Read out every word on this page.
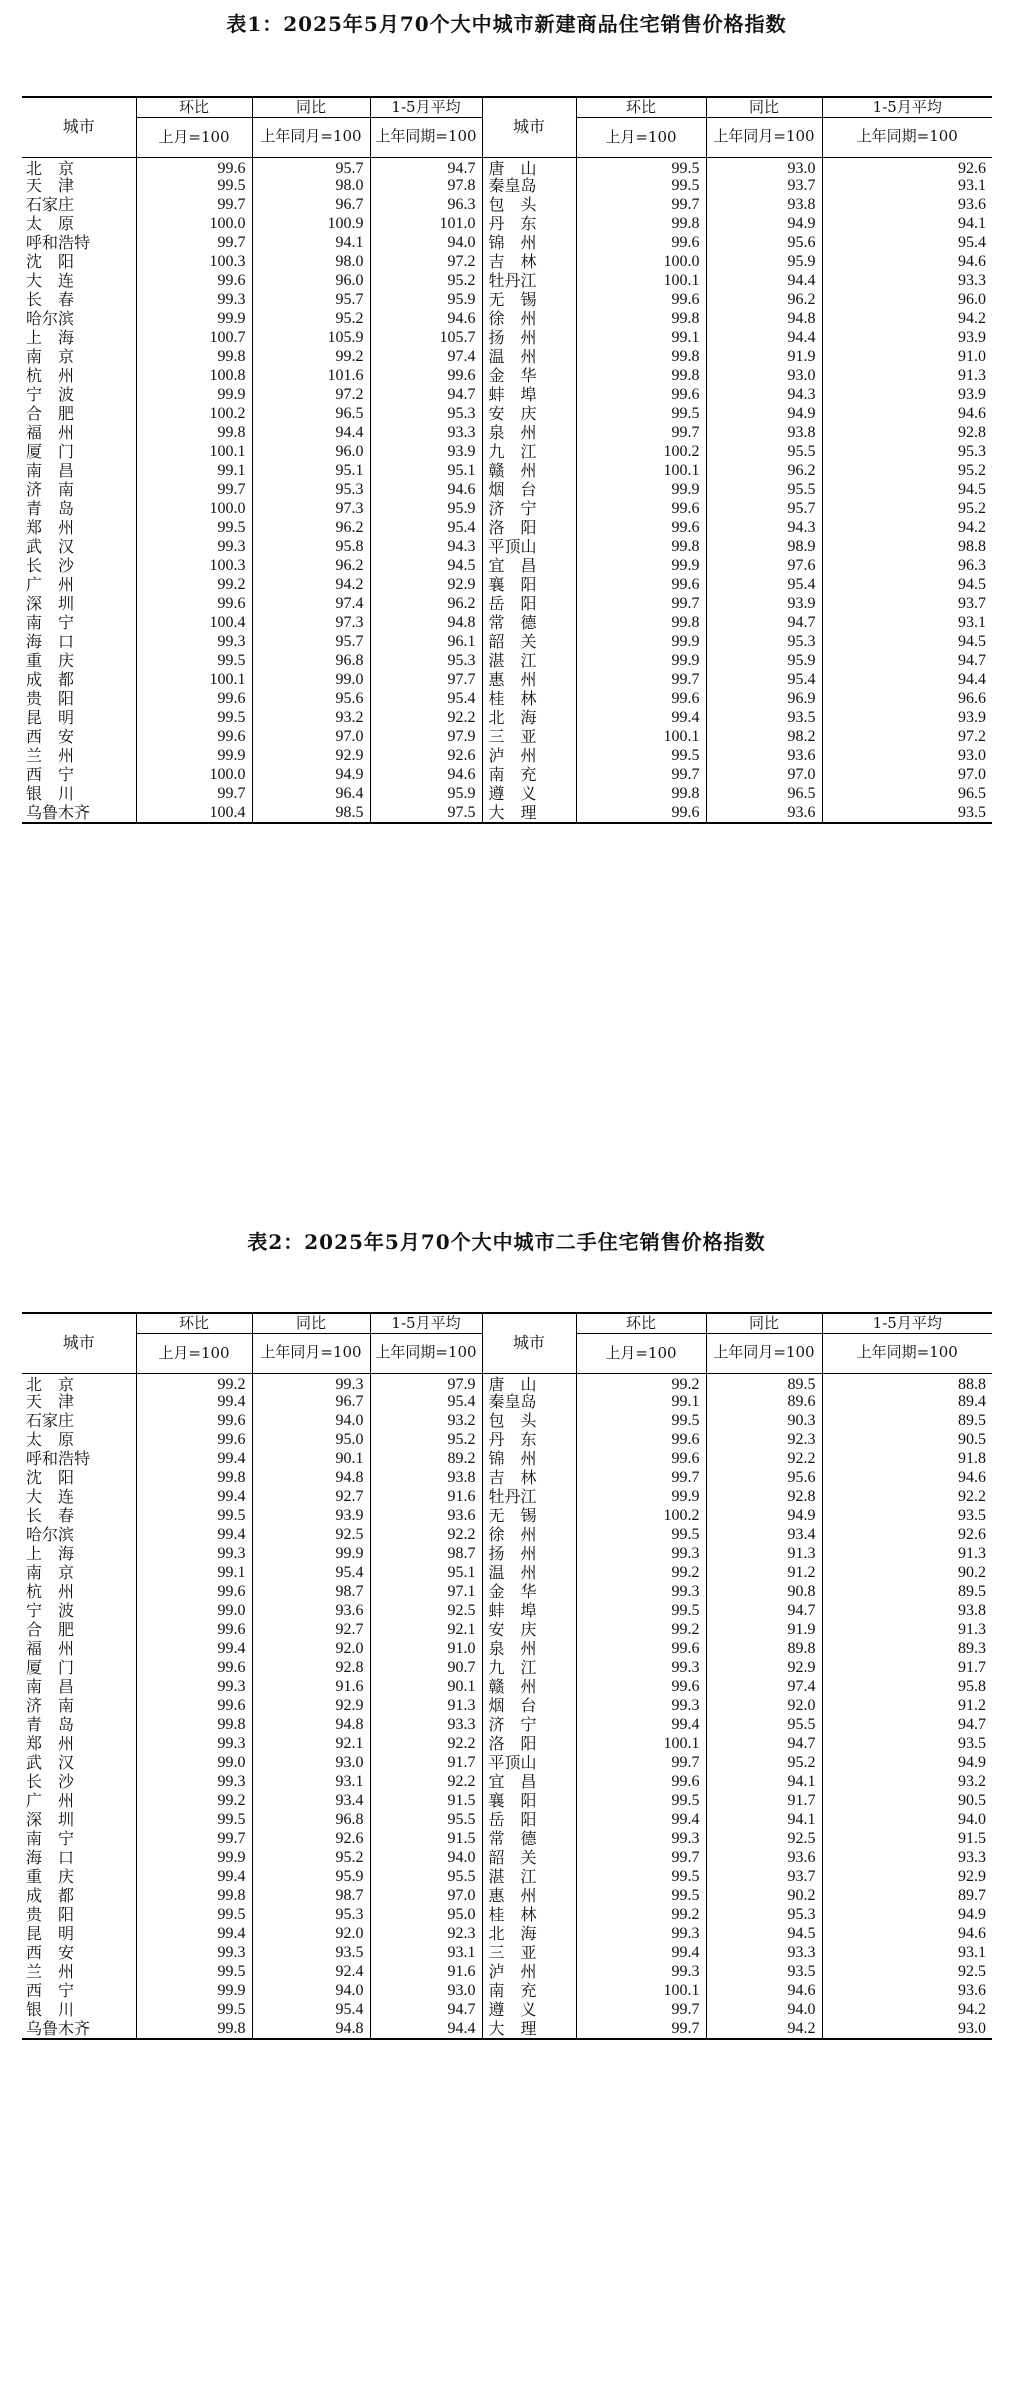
表1：2025年5月70个大中城市新建商品住宅销售价格指数
城市	环比	同比	1-5月平均	城市	环比	同比	1-5月平均
	上月=100	上年同月=100	上年同期=100		上月=100	上年同月=100	上年同期=100
北　京	99.6	95.7	94.7	唐　山	99.5	93.0	92.6
天　津	99.5	98.0	97.8	秦皇岛	99.5	93.7	93.1
石家庄	99.7	96.7	96.3	包　头	99.7	93.8	93.6
太　原	100.0	100.9	101.0	丹　东	99.8	94.9	94.1
呼和浩特	99.7	94.1	94.0	锦　州	99.6	95.6	95.4
沈　阳	100.3	98.0	97.2	吉　林	100.0	95.9	94.6
大　连	99.6	96.0	95.2	牡丹江	100.1	94.4	93.3
长　春	99.3	95.7	95.9	无　锡	99.6	96.2	96.0
哈尔滨	99.9	95.2	94.6	徐　州	99.8	94.8	94.2
上　海	100.7	105.9	105.7	扬　州	99.1	94.4	93.9
南　京	99.8	99.2	97.4	温　州	99.8	91.9	91.0
杭　州	100.8	101.6	99.6	金　华	99.8	93.0	91.3
宁　波	99.9	97.2	94.7	蚌　埠	99.6	94.3	93.9
合　肥	100.2	96.5	95.3	安　庆	99.5	94.9	94.6
福　州	99.8	94.4	93.3	泉　州	99.7	93.8	92.8
厦　门	100.1	96.0	93.9	九　江	100.2	95.5	95.3
南　昌	99.1	95.1	95.1	赣　州	100.1	96.2	95.2
济　南	99.7	95.3	94.6	烟　台	99.9	95.5	94.5
青　岛	100.0	97.3	95.9	济　宁	99.6	95.7	95.2
郑　州	99.5	96.2	95.4	洛　阳	99.6	94.3	94.2
武　汉	99.3	95.8	94.3	平顶山	99.8	98.9	98.8
长　沙	100.3	96.2	94.5	宜　昌	99.9	97.6	96.3
广　州	99.2	94.2	92.9	襄　阳	99.6	95.4	94.5
深　圳	99.6	97.4	96.2	岳　阳	99.7	93.9	93.7
南　宁	100.4	97.3	94.8	常　德	99.8	94.7	93.1
海　口	99.3	95.7	96.1	韶　关	99.9	95.3	94.5
重　庆	99.5	96.8	95.3	湛　江	99.9	95.9	94.7
成　都	100.1	99.0	97.7	惠　州	99.7	95.4	94.4
贵　阳	99.6	95.6	95.4	桂　林	99.6	96.9	96.6
昆　明	99.5	93.2	92.2	北　海	99.4	93.5	93.9
西　安	99.6	97.0	97.9	三　亚	100.1	98.2	97.2
兰　州	99.9	92.9	92.6	泸　州	99.5	93.6	93.0
西　宁	100.0	94.9	94.6	南　充	99.7	97.0	97.0
银　川	99.7	96.4	95.9	遵　义	99.8	96.5	96.5
乌鲁木齐	100.4	98.5	97.5	大　理	99.6	93.6	93.5
表2：2025年5月70个大中城市二手住宅销售价格指数
城市	环比	同比	1-5月平均	城市	环比	同比	1-5月平均
	上月=100	上年同月=100	上年同期=100		上月=100	上年同月=100	上年同期=100
北　京	99.2	99.3	97.9	唐　山	99.2	89.5	88.8
天　津	99.4	96.7	95.4	秦皇岛	99.1	89.6	89.4
石家庄	99.6	94.0	93.2	包　头	99.5	90.3	89.5
太　原	99.6	95.0	95.2	丹　东	99.6	92.3	90.5
呼和浩特	99.4	90.1	89.2	锦　州	99.6	92.2	91.8
沈　阳	99.8	94.8	93.8	吉　林	99.7	95.6	94.6
大　连	99.4	92.7	91.6	牡丹江	99.9	92.8	92.2
长　春	99.5	93.9	93.6	无　锡	100.2	94.9	93.5
哈尔滨	99.4	92.5	92.2	徐　州	99.5	93.4	92.6
上　海	99.3	99.9	98.7	扬　州	99.3	91.3	91.3
南　京	99.1	95.4	95.1	温　州	99.2	91.2	90.2
杭　州	99.6	98.7	97.1	金　华	99.3	90.8	89.5
宁　波	99.0	93.6	92.5	蚌　埠	99.5	94.7	93.8
合　肥	99.6	92.7	92.1	安　庆	99.2	91.9	91.3
福　州	99.4	92.0	91.0	泉　州	99.6	89.8	89.3
厦　门	99.6	92.8	90.7	九　江	99.3	92.9	91.7
南　昌	99.3	91.6	90.1	赣　州	99.6	97.4	95.8
济　南	99.6	92.9	91.3	烟　台	99.3	92.0	91.2
青　岛	99.8	94.8	93.3	济　宁	99.4	95.5	94.7
郑　州	99.3	92.1	92.2	洛　阳	100.1	94.7	93.5
武　汉	99.0	93.0	91.7	平顶山	99.7	95.2	94.9
长　沙	99.3	93.1	92.2	宜　昌	99.6	94.1	93.2
广　州	99.2	93.4	91.5	襄　阳	99.5	91.7	90.5
深　圳	99.5	96.8	95.5	岳　阳	99.4	94.1	94.0
南　宁	99.7	92.6	91.5	常　德	99.3	92.5	91.5
海　口	99.9	95.2	94.0	韶　关	99.7	93.6	93.3
重　庆	99.4	95.9	95.5	湛　江	99.5	93.7	92.9
成　都	99.8	98.7	97.0	惠　州	99.5	90.2	89.7
贵　阳	99.5	95.3	95.0	桂　林	99.2	95.3	94.9
昆　明	99.4	92.0	92.3	北　海	99.3	94.5	94.6
西　安	99.3	93.5	93.1	三　亚	99.4	93.3	93.1
兰　州	99.5	92.4	91.6	泸　州	99.3	93.5	92.5
西　宁	99.9	94.0	93.0	南　充	100.1	94.6	93.6
银　川	99.5	95.4	94.7	遵　义	99.7	94.0	94.2
乌鲁木齐	99.8	94.8	94.4	大　理	99.7	94.2	93.0
